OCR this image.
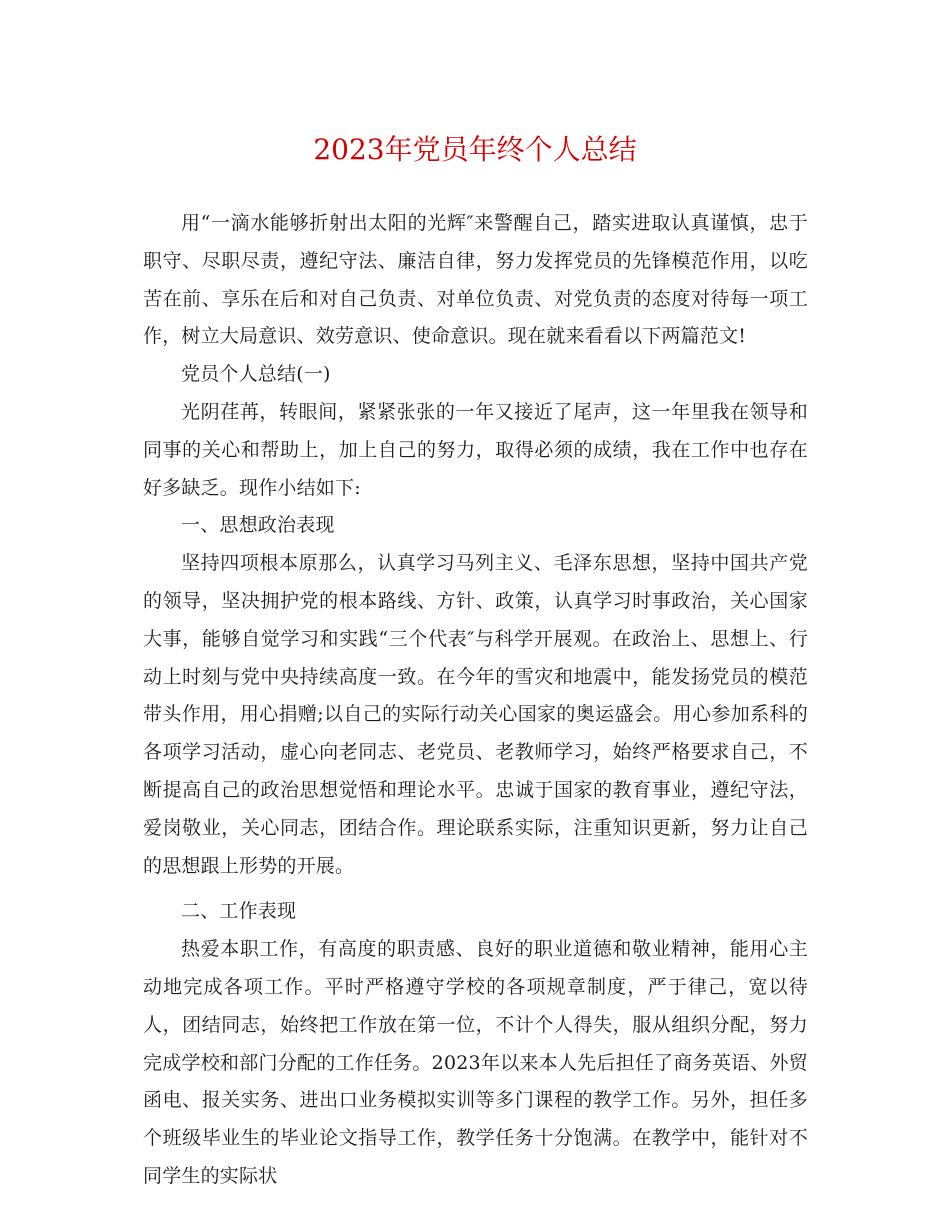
2023年党员年终个人总结

用“一滴水能够折射出太阳的光辉″来警醒自己，踏实进取认真谨慎，忠于职守、尽职尽责，遵纪守法、廉洁自律，努力发挥党员的先锋模范作用，以吃苦在前、享乐在后和对自己负责、对单位负责、对党负责的态度对待每一项工作，树立大局意识、效劳意识、使命意识。现在就来看看以下两篇范文!

党员个人总结(一)

光阴荏苒，转眼间，紧紧张张的一年又接近了尾声，这一年里我在领导和同事的关心和帮助上，加上自己的努力，取得必须的成绩，我在工作中也存在好多缺乏。现作小结如下:

一、思想政治表现

坚持四项根本原那么，认真学习马列主义、毛泽东思想，坚持中国共产党的领导，坚决拥护党的根本路线、方针、政策，认真学习时事政治，关心国家大事，能够自觉学习和实践“三个代表″与科学开展观。在政治上、思想上、行动上时刻与党中央持续高度一致。在今年的雪灾和地震中，能发扬党员的模范带头作用，用心捐赠;以自己的实际行动关心国家的奥运盛会。用心参加系科的各项学习活动，虚心向老同志、老党员、老教师学习，始终严格要求自己，不断提高自己的政治思想觉悟和理论水平。忠诚于国家的教育事业，遵纪守法，爱岗敬业，关心同志，团结合作。理论联系实际，注重知识更新，努力让自己的思想跟上形势的开展。

二、工作表现

热爱本职工作，有高度的职责感、良好的职业道德和敬业精神，能用心主动地完成各项工作。平时严格遵守学校的各项规章制度，严于律己，宽以待人，团结同志，始终把工作放在第一位，不计个人得失，服从组织分配，努力完成学校和部门分配的工作任务。2023年以来本人先后担任了商务英语、外贸函电、报关实务、进出口业务模拟实训等多门课程的教学工作。另外，担任多个班级毕业生的毕业论文指导工作，教学任务十分饱满。在教学中，能针对不同学生的实际状
